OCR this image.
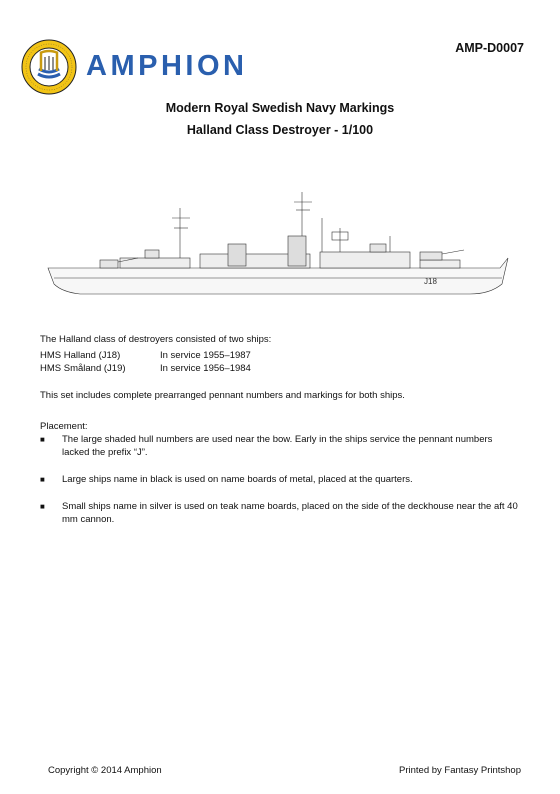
AMPHION
AMP-D0007
Modern Royal Swedish Navy Markings
Halland Class Destroyer - 1/100
J18
The Halland class of destroyers consisted of two ships:
HMS Halland (J18)	In service 1955–1987
HMS Småland (J19)	In service 1956–1984
This set includes complete prearranged pennant numbers and markings for both ships.
Placement:
■	The large shaded hull numbers are used near the bow. Early in the ships service the pennant numbers lacked the prefix “J”.
■	Large ships name in black is used on name boards of metal, placed at the quarters.
■	Small ships name in silver is used on teak name boards, placed on the side of the deckhouse near the aft 40 mm cannon.
Copyright © 2014 Amphion	Printed by Fantasy Printshop
